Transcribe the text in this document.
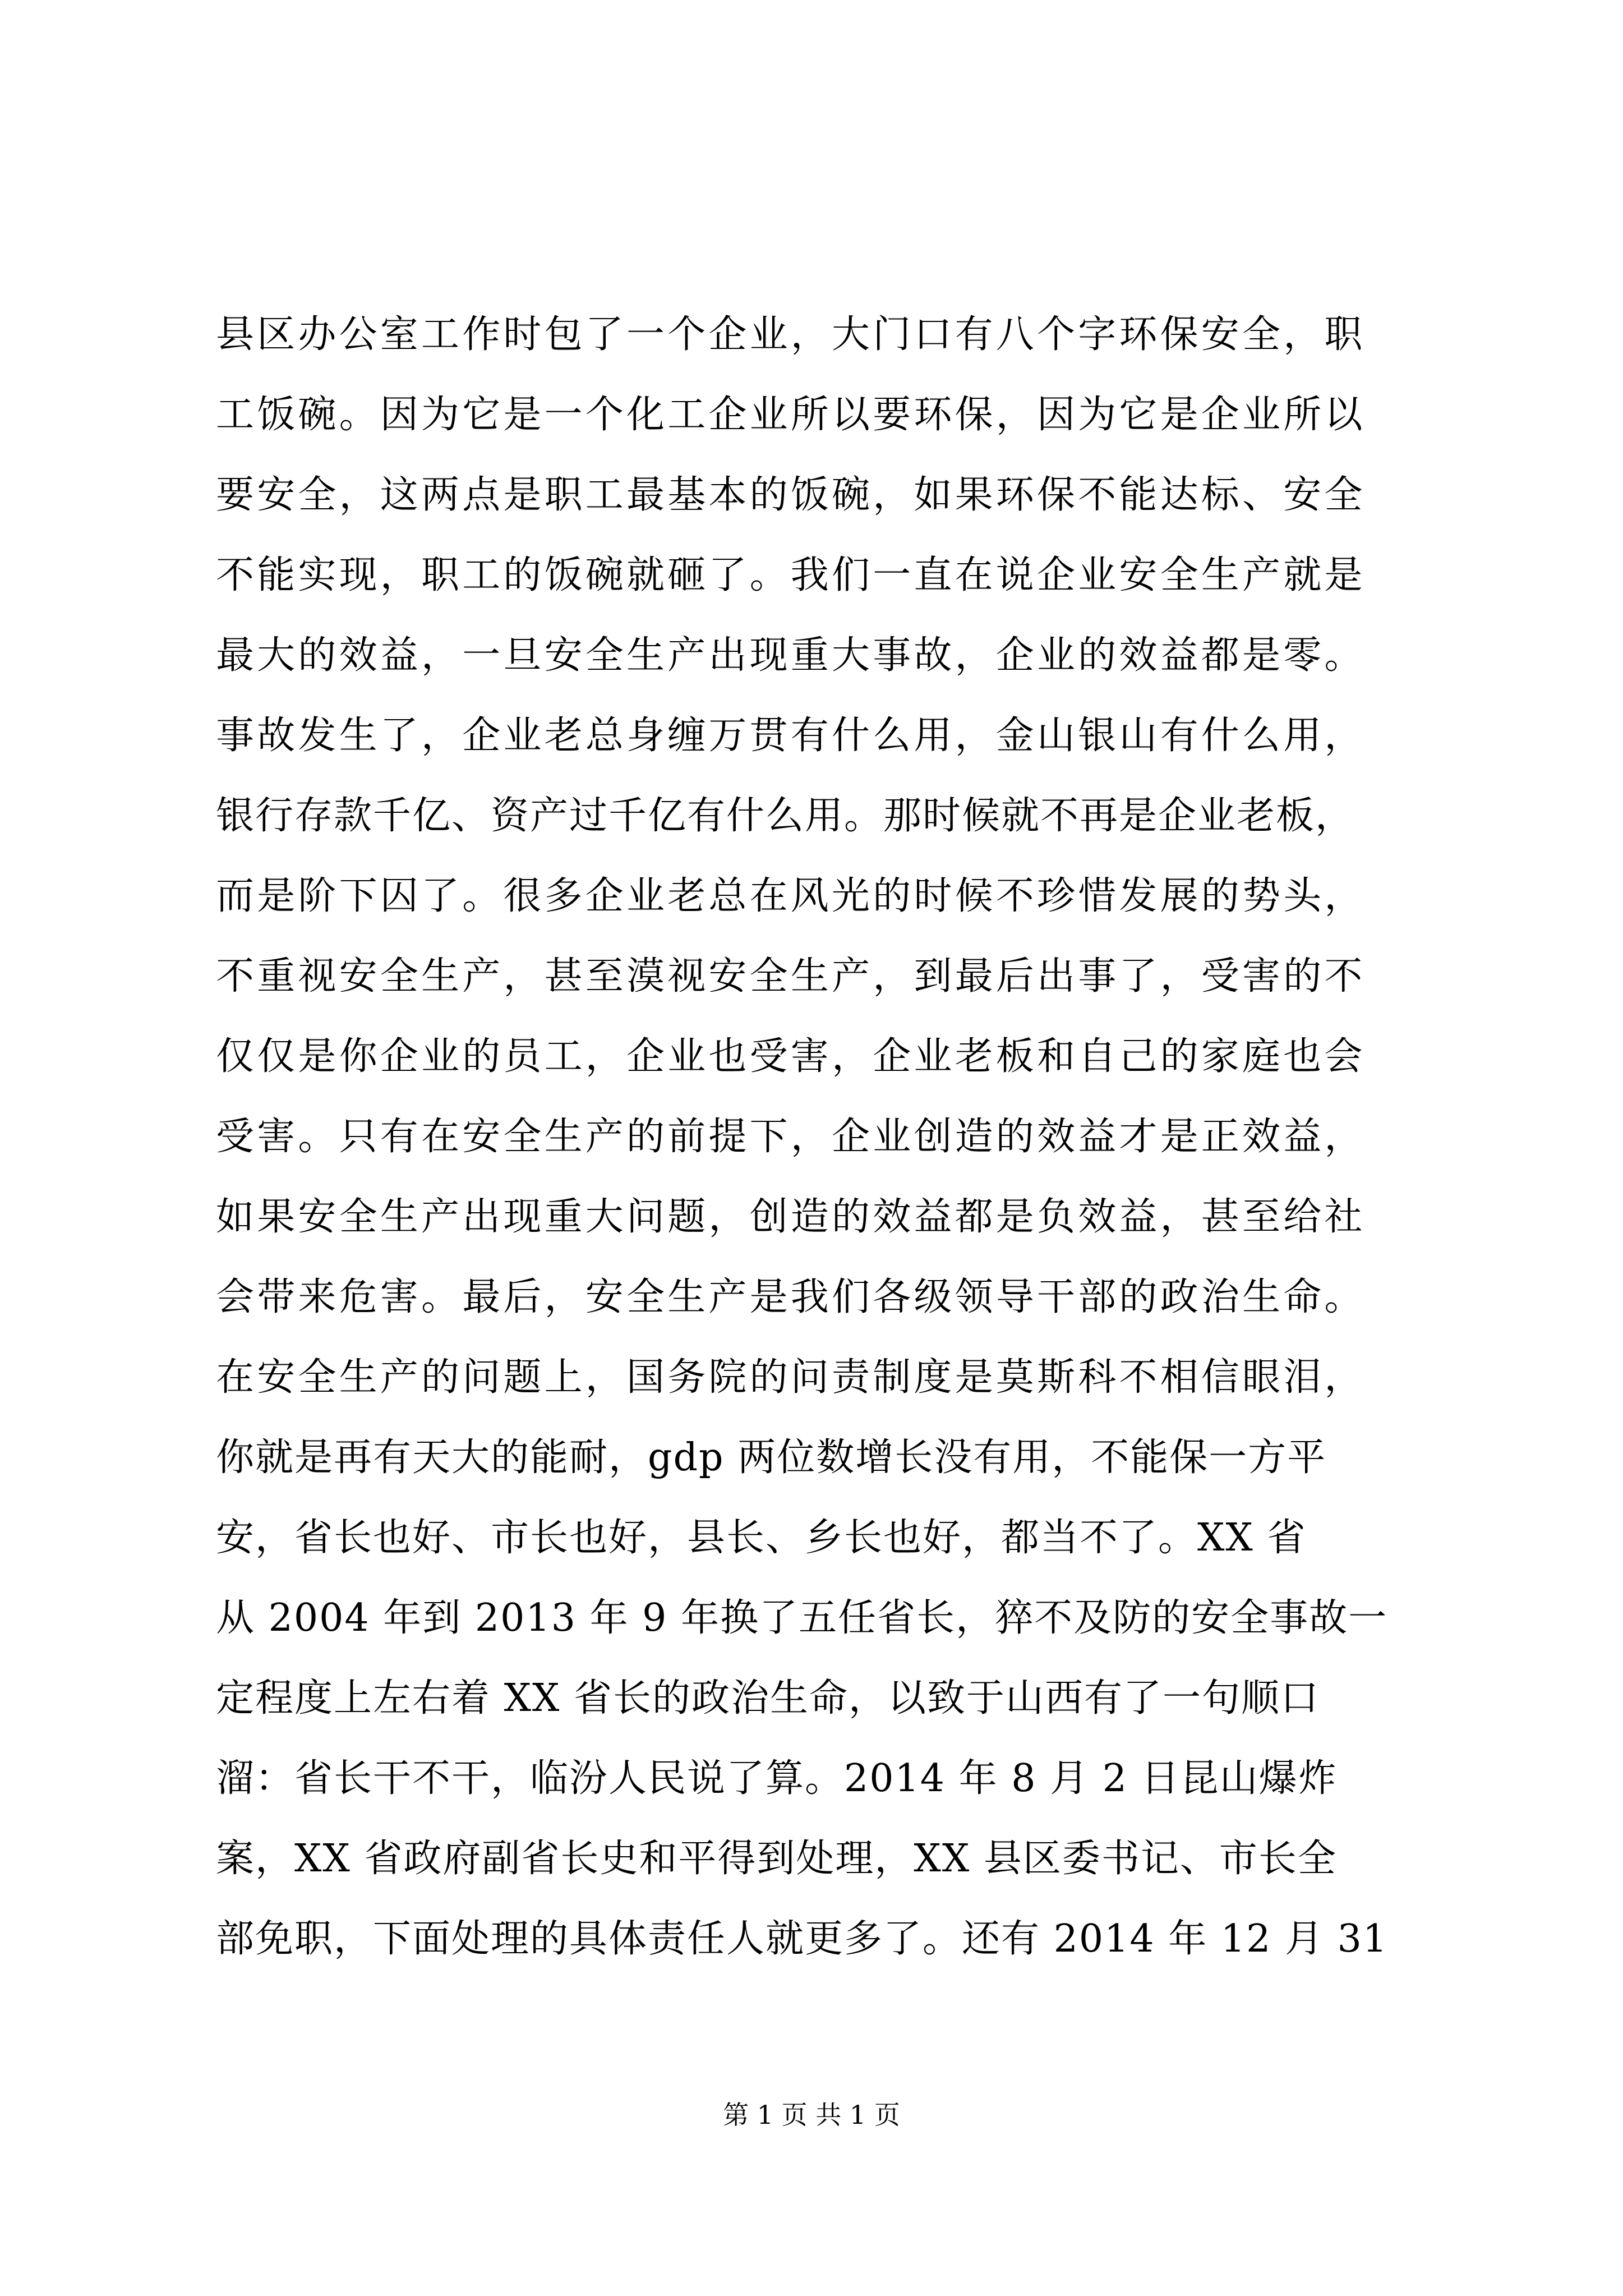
县区办公室工作时包了一个企业，大门口有八个字环保安全，职
工饭碗。因为它是一个化工企业所以要环保，因为它是企业所以
要安全，这两点是职工最基本的饭碗，如果环保不能达标、安全
不能实现，职工的饭碗就砸了。我们一直在说企业安全生产就是
最大的效益，一旦安全生产出现重大事故，企业的效益都是零。
事故发生了，企业老总身缠万贯有什么用，金山银山有什么用，
银行存款千亿、资产过千亿有什么用。那时候就不再是企业老板，
而是阶下囚了。很多企业老总在风光的时候不珍惜发展的势头，
不重视安全生产，甚至漠视安全生产，到最后出事了，受害的不
仅仅是你企业的员工，企业也受害，企业老板和自己的家庭也会
受害。只有在安全生产的前提下，企业创造的效益才是正效益，
如果安全生产出现重大问题，创造的效益都是负效益，甚至给社
会带来危害。最后，安全生产是我们各级领导干部的政治生命。
在安全生产的问题上，国务院的问责制度是莫斯科不相信眼泪，
你就是再有天大的能耐，gdp 两位数增长没有用，不能保一方平
安，省长也好、市长也好，县长、乡长也好，都当不了。XX 省
从 2004 年到 2013 年 9 年换了五任省长，猝不及防的安全事故一
定程度上左右着 XX 省长的政治生命，以致于山西有了一句顺口
溜：省长干不干，临汾人民说了算。2014 年 8 月 2 日昆山爆炸
案，XX 省政府副省长史和平得到处理，XX 县区委书记、市长全
部免职，下面处理的具体责任人就更多了。还有 2014 年 12 月 31
第 1 页 共 1 页
